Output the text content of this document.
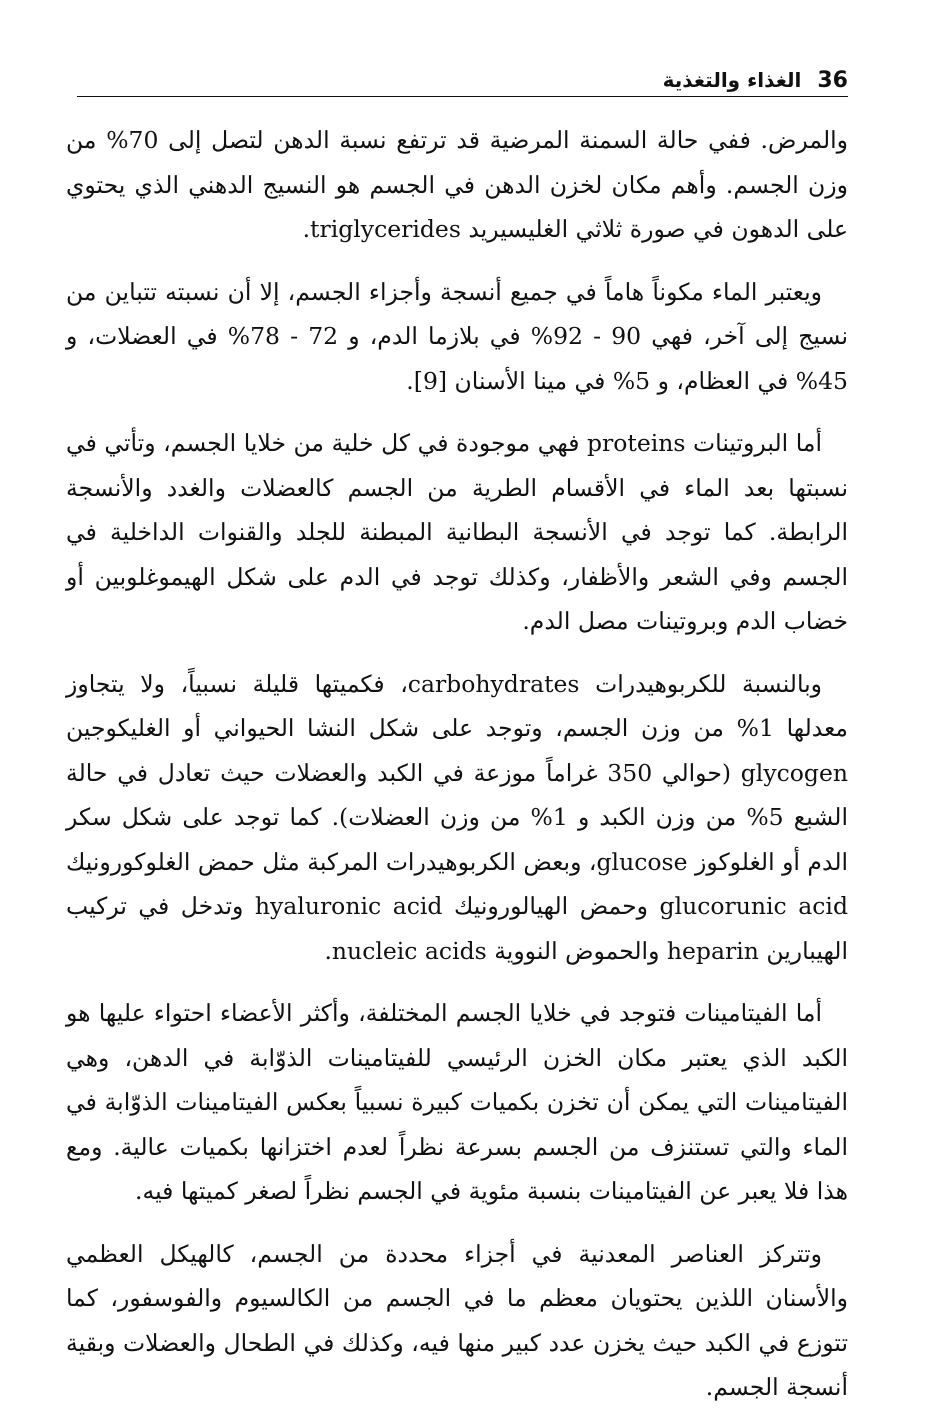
الغذاء والتغذية 36

والمرض. ففي حالة السمنة المرضية قد ترتفع نسبة الدهن لتصل إلى 70% من وزن الجسم. وأهم مكان لخزن الدهن في الجسم هو النسيج الدهني الذي يحتوي على الدهون في صورة ثلاثي الغليسيريد triglycerides.

ويعتبر الماء مكوناً هاماً في جميع أنسجة وأجزاء الجسم، إلا أن نسبته تتباين من نسيج إلى آخر، فهي 90 - 92% في بلازما الدم، و 72 - 78% في العضلات، و 45% في العظام، و 5% في مينا الأسنان [9].

أما البروتينات proteins فهي موجودة في كل خلية من خلايا الجسم، وتأتي في نسبتها بعد الماء في الأقسام الطرية من الجسم كالعضلات والغدد والأنسجة الرابطة. كما توجد في الأنسجة البطانية المبطنة للجلد والقنوات الداخلية في الجسم وفي الشعر والأظفار، وكذلك توجد في الدم على شكل الهيموغلوبين أو خضاب الدم وبروتينات مصل الدم.

وبالنسبة للكربوهيدرات carbohydrates، فكميتها قليلة نسبياً، ولا يتجاوز معدلها 1% من وزن الجسم، وتوجد على شكل النشا الحيواني أو الغليكوجين glycogen (حوالي 350 غراماً موزعة في الكبد والعضلات حيث تعادل في حالة الشبع 5% من وزن الكبد و 1% من وزن العضلات). كما توجد على شكل سكر الدم أو الغلوكوز glucose، وبعض الكربوهيدرات المركبة مثل حمض الغلوكورونيك glucorunic acid وحمض الهيالورونيك hyaluronic acid وتدخل في تركيب الهيبارين heparin والحموض النووية nucleic acids.

أما الفيتامينات فتوجد في خلايا الجسم المختلفة، وأكثر الأعضاء احتواء عليها هو الكبد الذي يعتبر مكان الخزن الرئيسي للفيتامينات الذوّابة في الدهن، وهي الفيتامينات التي يمكن أن تخزن بكميات كبيرة نسبياً بعكس الفيتامينات الذوّابة في الماء والتي تستنزف من الجسم بسرعة نظراً لعدم اختزانها بكميات عالية. ومع هذا فلا يعبر عن الفيتامينات بنسبة مئوية في الجسم نظراً لصغر كميتها فيه.

وتتركز العناصر المعدنية في أجزاء محددة من الجسم، كالهيكل العظمي والأسنان اللذين يحتويان معظم ما في الجسم من الكالسيوم والفوسفور، كما تتوزع في الكبد حيث يخزن عدد كبير منها فيه، وكذلك في الطحال والعضلات وبقية أنسجة الجسم.
